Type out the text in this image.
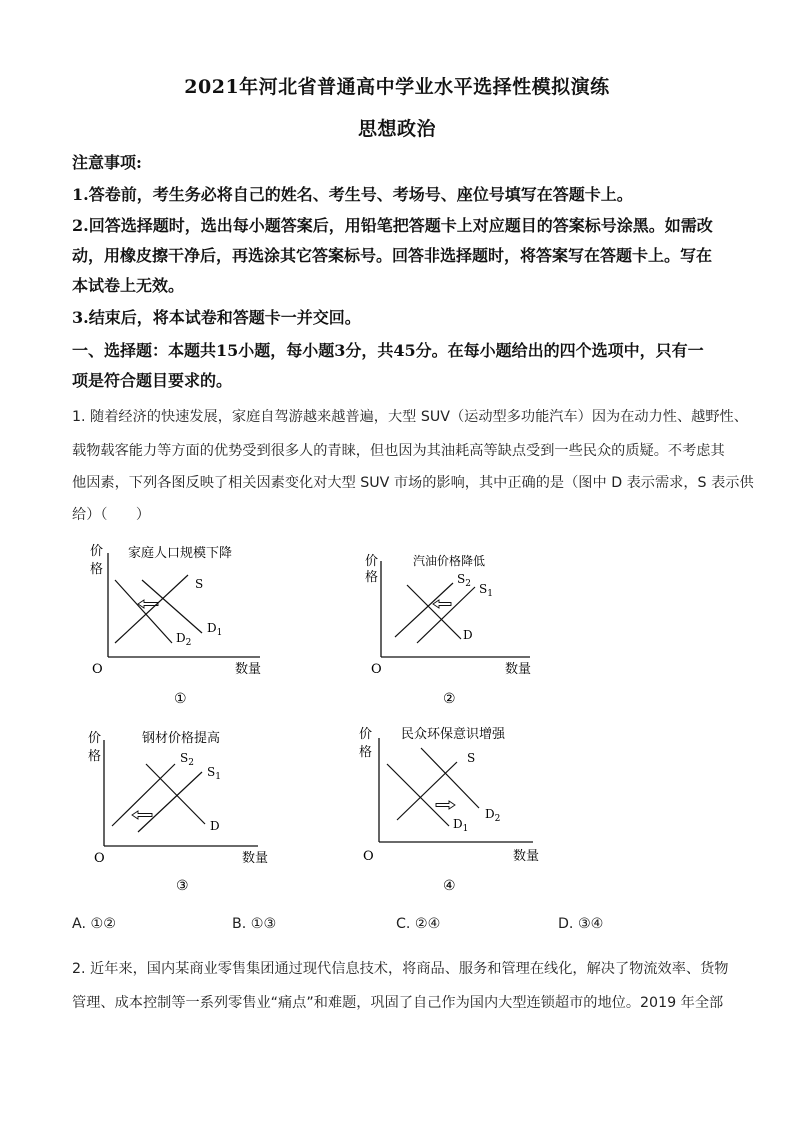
2021年河北省普通高中学业水平选择性模拟演练
思想政治
注意事项:
1.答卷前，考生务必将自己的姓名、考生号、考场号、座位号填写在答题卡上。
2.回答选择题时，选出每小题答案后，用铅笔把答题卡上对应题目的答案标号涂黑。如需改
动，用橡皮擦干净后，再选涂其它答案标号。回答非选择题时，将答案写在答题卡上。写在
本试卷上无效。
3.结束后，将本试卷和答题卡一并交回。
一、选择题：本题共15小题，每小题3分，共45分。在每小题给出的四个选项中，只有一
项是符合题目要求的。
1. 随着经济的快速发展，家庭自驾游越来越普遍，大型 SUV（运动型多功能汽车）因为在动力性、越野性、
载物载客能力等方面的优势受到很多人的青睐，但也因为其油耗高等缺点受到一些民众的质疑。不考虑其
他因素，下列各图反映了相关因素变化对大型 SUV 市场的影响，其中正确的是（图中 D 表示需求，S 表示供
给）（　　）
价
格
家庭人口规模下降
O	数量
S
$D_2$
$D_1$
①
价
格
汽油价格降低
O	数量
$S_2$ $S_1$
D
②
价
格
钢材价格提高
O	数量
$S_2$
$S_1$
D
③
价
格
民众环保意识增强
O	数量
S
$D_2$
$D_1$
④
A. ①②	B. ①③	C. ②④	D. ③④
2. 近年来，国内某商业零售集团通过现代信息技术，将商品、服务和管理在线化，解决了物流效率、货物
管理、成本控制等一系列零售业“痛点”和难题，巩固了自己作为国内大型连锁超市的地位。2019 年全部
